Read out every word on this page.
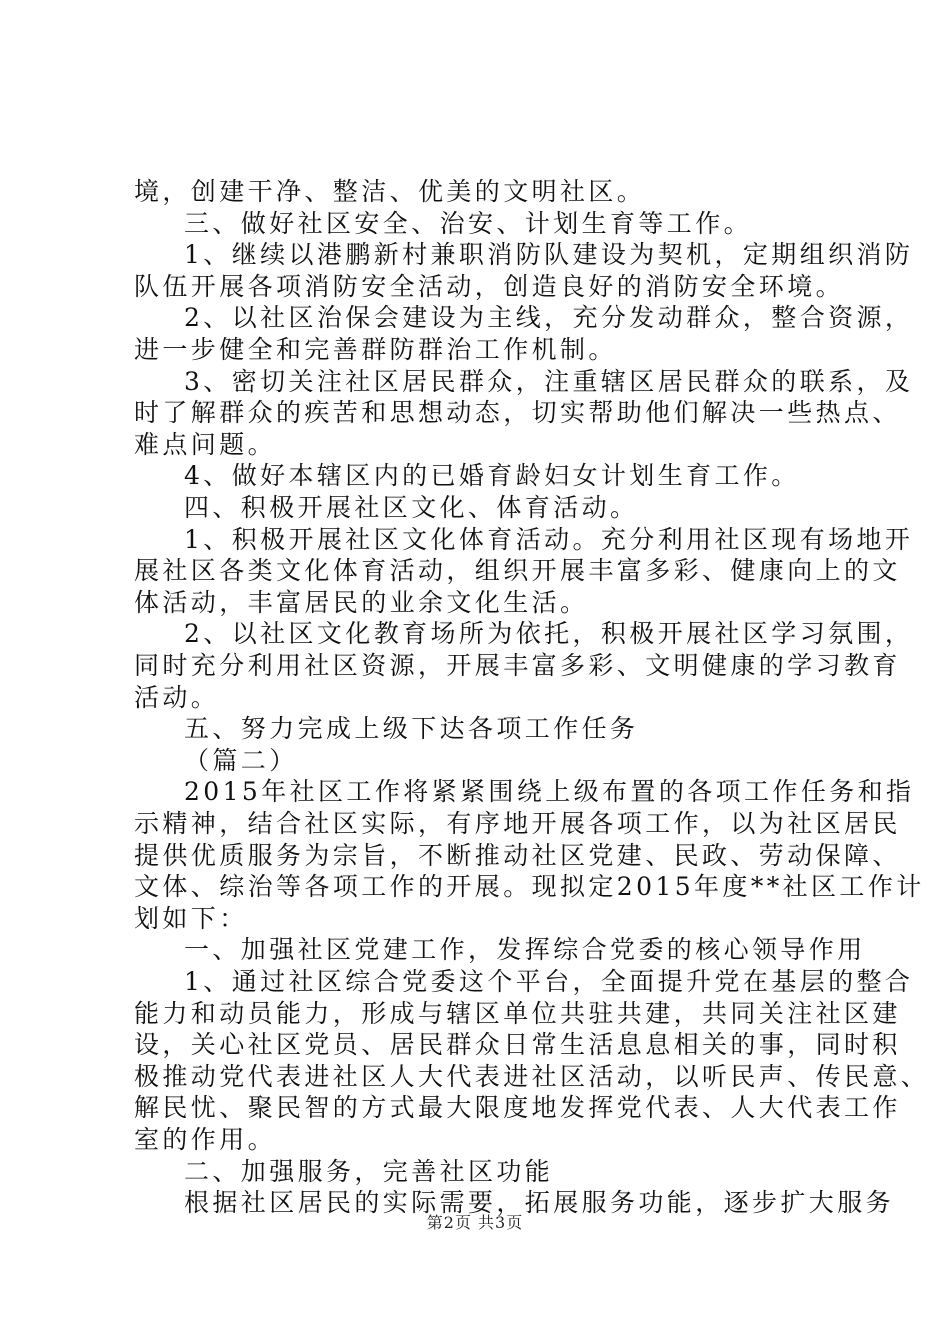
境，创建干净、整洁、优美的文明社区。
三、做好社区安全、治安、计划生育等工作。
1、继续以港鹏新村兼职消防队建设为契机，定期组织消防
队伍开展各项消防安全活动，创造良好的消防安全环境。
2、以社区治保会建设为主线，充分发动群众，整合资源，
进一步健全和完善群防群治工作机制。
3、密切关注社区居民群众，注重辖区居民群众的联系，及
时了解群众的疾苦和思想动态，切实帮助他们解决一些热点、
难点问题。
4、做好本辖区内的已婚育龄妇女计划生育工作。
四、积极开展社区文化、体育活动。
1、积极开展社区文化体育活动。充分利用社区现有场地开
展社区各类文化体育活动，组织开展丰富多彩、健康向上的文
体活动，丰富居民的业余文化生活。
2、以社区文化教育场所为依托，积极开展社区学习氛围，
同时充分利用社区资源，开展丰富多彩、文明健康的学习教育
活动。
五、努力完成上级下达各项工作任务
（篇二）
2015年社区工作将紧紧围绕上级布置的各项工作任务和指
示精神，结合社区实际，有序地开展各项工作，以为社区居民
提供优质服务为宗旨，不断推动社区党建、民政、劳动保障、
文体、综治等各项工作的开展。现拟定2015年度**社区工作计
划如下：
一、加强社区党建工作，发挥综合党委的核心领导作用
1、通过社区综合党委这个平台，全面提升党在基层的整合
能力和动员能力，形成与辖区单位共驻共建，共同关注社区建
设，关心社区党员、居民群众日常生活息息相关的事，同时积
极推动党代表进社区人大代表进社区活动，以听民声、传民意、
解民忧、聚民智的方式最大限度地发挥党代表、人大代表工作
室的作用。
二、加强服务，完善社区功能
根据社区居民的实际需要，拓展服务功能，逐步扩大服务
第2页 共3页
